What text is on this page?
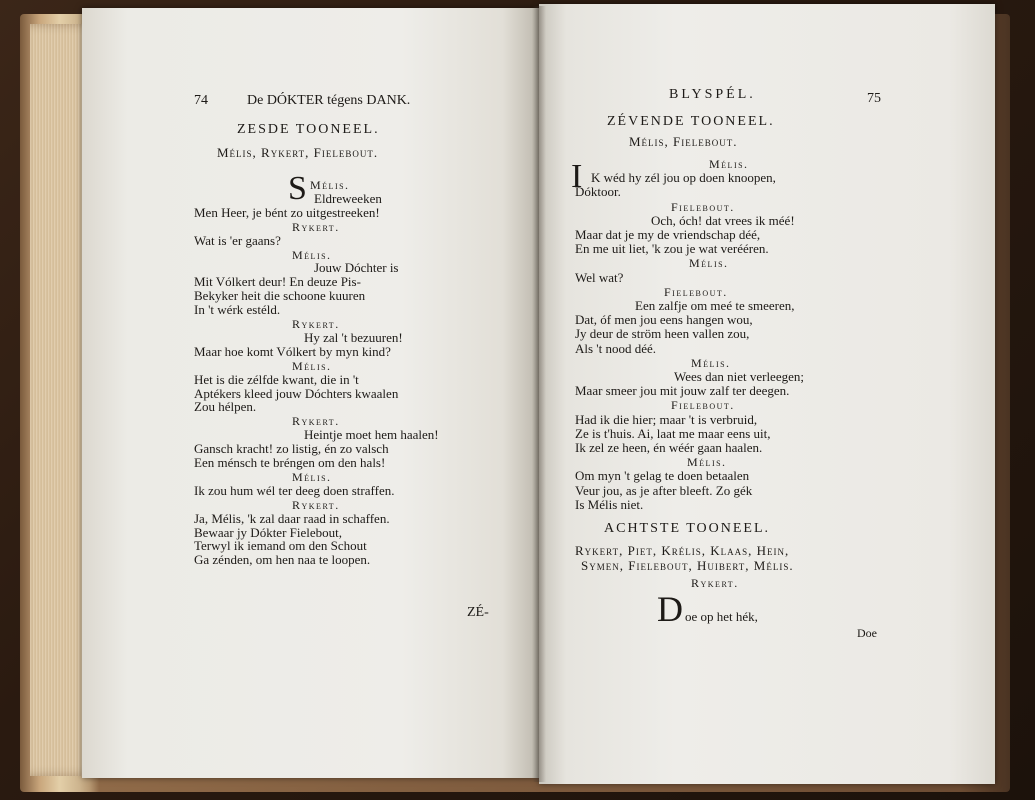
74	De DÓKTER tégens DANK.
ZESDE TOONEEL.
Mélis, Rykert, Fielebout.
S Mélis.
Eldreweeken
Men Heer, je bént zo uitgestreeken!
Rykert.
Wat is 'er gaans?
Mélis.
Jouw Dóchter is
Mit Vólkert deur! En deuze Pis-
Bekyker heit die schoone kuuren
In 't wérk estéld.
Rykert.
Hy zal 't bezuuren!
Maar hoe komt Vólkert by myn kind?
Mélis.
Het is die zélfde kwant, die in 't
Aptékers kleed jouw Dóchters kwaalen
Zou hélpen.
Rykert.
Heintje moet hem haalen!
Gansch kracht! zo listig, én zo valsch
Een ménsch te bréngen om den hals!
Mélis.
Ik zou hum wél ter deeg doen straffen.
Rykert.
Ja, Mélis, 'k zal daar raad in schaffen.
Bewaar jy Dókter Fielebout,
Terwyl ik iemand om den Schout
Ga zénden, om hen naa te loopen.
ZÉ-
BLYSPÉL.	75
ZÉVENDE TOONEEL.
Mélis, Fielebout.
I	Mélis.
K wéd hy zél jou op doen knoopen,
Dóktoor.
Fielebout.
Och, óch! dat vrees ik méé!
Maar dat je my de vriendschap déé,
En me uit liet, 'k zou je wat verééren.
Mélis.
Wel wat?
Fielebout.
Een zalfje om meé te smeeren,
Dat, óf men jou eens hangen wou,
Jy deur de ström heen vallen zou,
Als 't nood déé.
Mélis.
Wees dan niet verleegen;
Maar smeer jou mit jouw zalf ter deegen.
Fielebout.
Had ik die hier; maar 't is verbruid,
Ze is t'huis. Ai, laat me maar eens uit,
Ik zel ze heen, én wéér gaan haalen.
Mélis.
Om myn 't gelag te doen betaalen
Veur jou, as je after bleeft. Zo gék
Is Mélis niet.
ACHTSTE TOONEEL.
Rykert, Piet, Krélis, Klaas, Hein,
Symen, Fielebout, Huibert, Mélis.
Rykert.
D oe op het hék,
Doe
